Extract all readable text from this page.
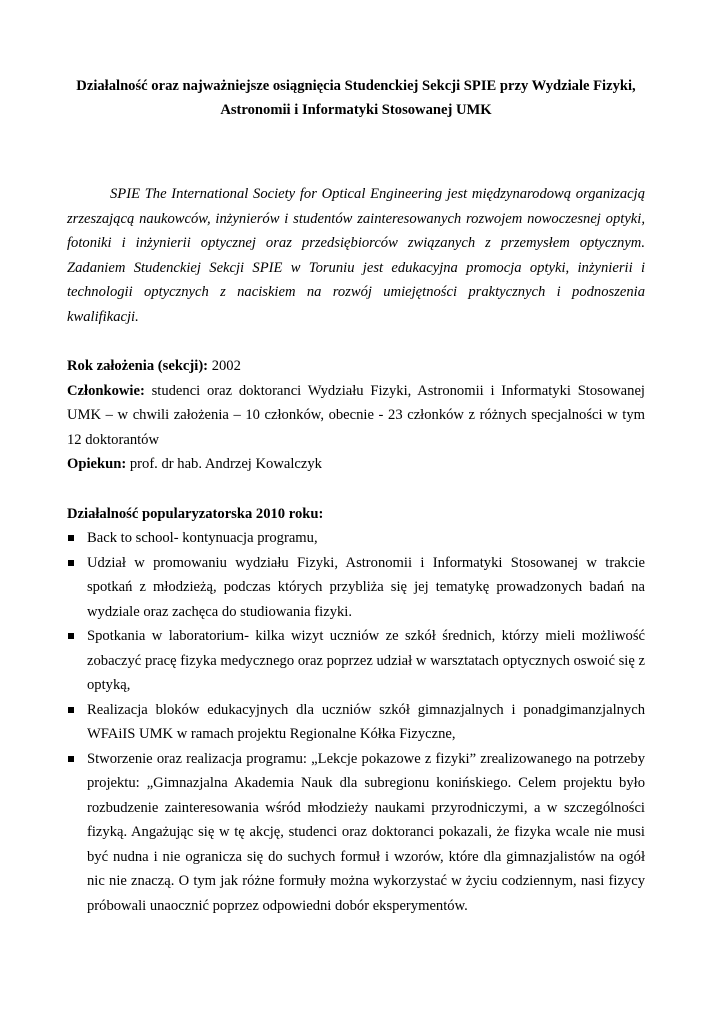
Działalność oraz najważniejsze osiągnięcia Studenckiej Sekcji SPIE przy Wydziale Fizyki, Astronomii i Informatyki Stosowanej UMK

SPIE The International Society for Optical Engineering jest międzynarodową organizacją zrzeszającą naukowców, inżynierów i studentów zainteresowanych rozwojem nowoczesnej optyki, fotoniki i inżynierii optycznej oraz przedsiębiorców związanych z przemysłem optycznym. Zadaniem Studenckiej Sekcji SPIE w Toruniu jest edukacyjna promocja optyki, inżynierii i technologii optycznych z naciskiem na rozwój umiejętności praktycznych i podnoszenia kwalifikacji.

Rok założenia (sekcji): 2002

Członkowie: studenci oraz doktoranci Wydziału Fizyki, Astronomii i Informatyki Stosowanej UMK – w chwili założenia – 10 członków, obecnie - 23 członków z różnych specjalności w tym 12 doktorantów

Opiekun: prof. dr hab. Andrzej Kowalczyk

Działalność popularyzatorska 2010 roku:
Back to school- kontynuacja programu,
Udział w promowaniu wydziału Fizyki, Astronomii i Informatyki Stosowanej w trakcie spotkań z młodzieżą, podczas których przybliża się jej tematykę prowadzonych badań na wydziale oraz zachęca do studiowania fizyki.
Spotkania w laboratorium- kilka wizyt uczniów ze szkół średnich, którzy mieli możliwość zobaczyć pracę fizyka medycznego oraz poprzez udział w warsztatach optycznych oswoić się z optyką,
Realizacja bloków edukacyjnych dla uczniów szkół gimnazjalnych i ponadgimanzjalnych WFAiIS UMK w ramach projektu Regionalne Kółka Fizyczne,
Stworzenie oraz realizacja programu: „Lekcje pokazowe z fizyki” zrealizowanego na potrzeby projektu: „Gimnazjalna Akademia Nauk dla subregionu konińskiego. Celem projektu było rozbudzenie zainteresowania wśród młodzieży naukami przyrodniczymi, a w szczególności fizyką. Angażując się w tę akcję, studenci oraz doktoranci pokazali, że fizyka wcale nie musi być nudna i nie ogranicza się do suchych formuł i wzorów, które dla gimnazjalistów na ogół nic nie znaczą. O tym jak różne formuły można wykorzystać w życiu codziennym, nasi fizycy próbowali unaocznić poprzez odpowiedni dobór eksperymentów.
